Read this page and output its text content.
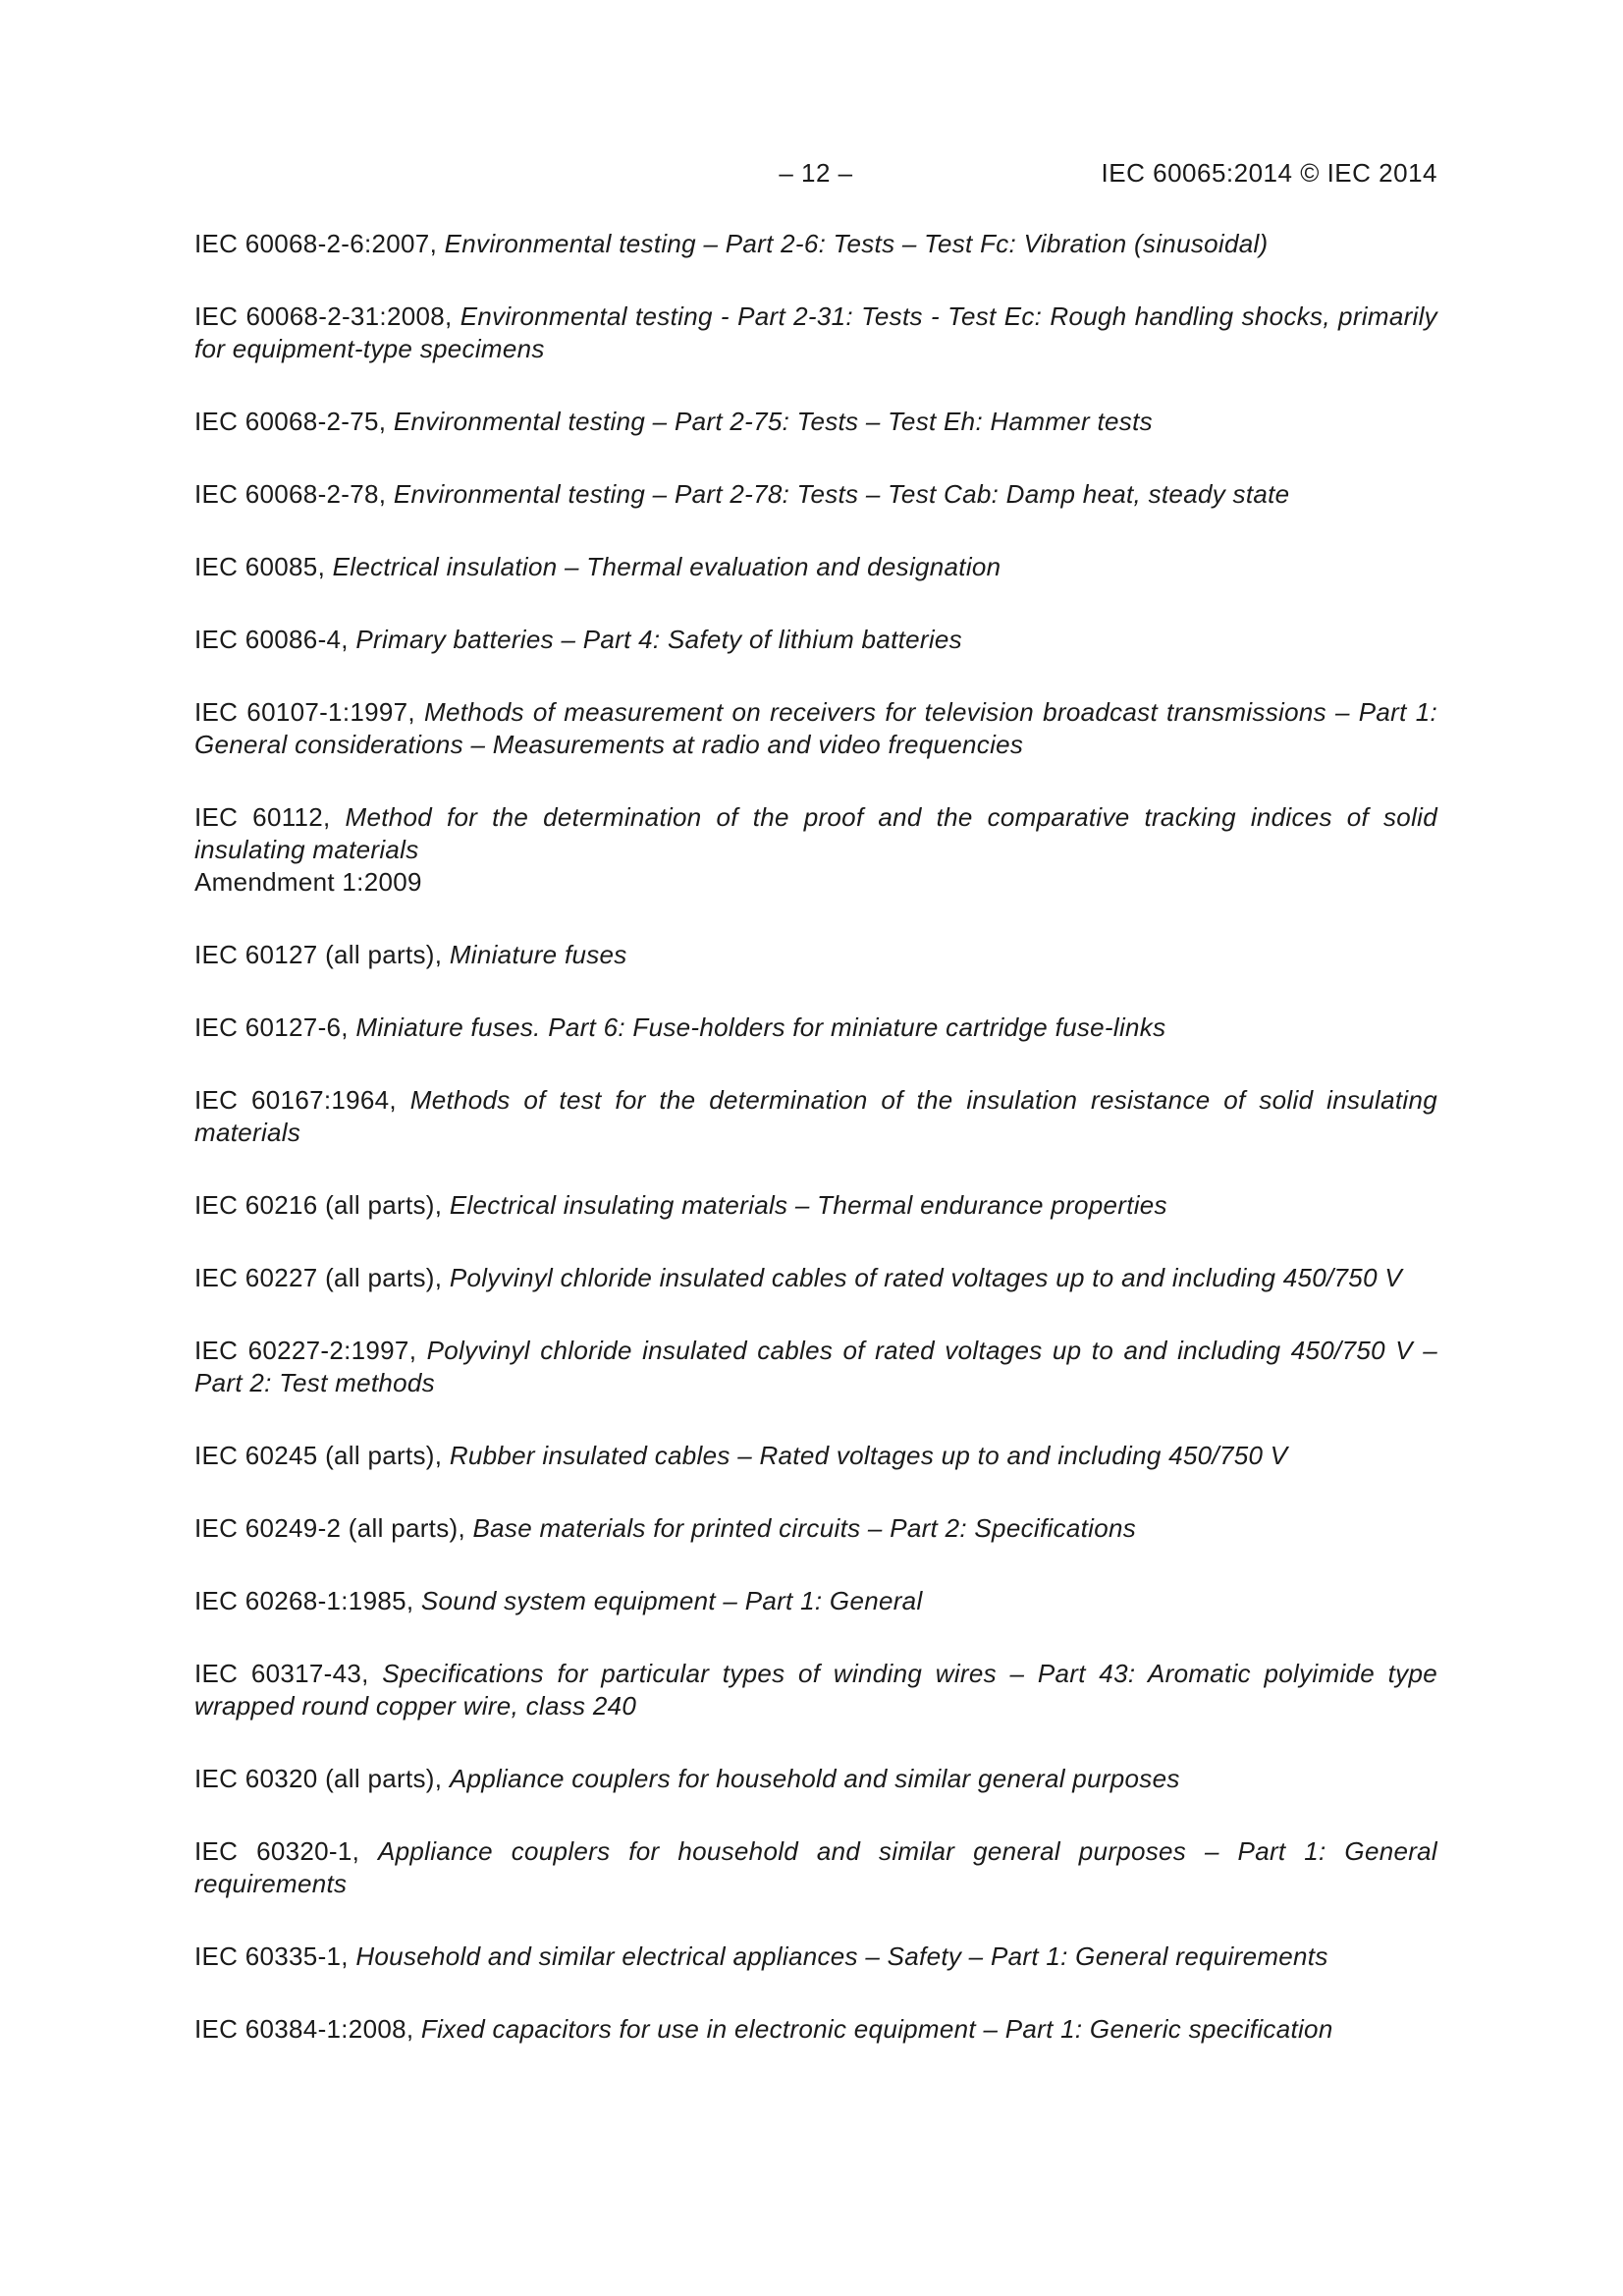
– 12 –	IEC 60065:2014 © IEC 2014

IEC 60068-2-6:2007, Environmental testing – Part 2-6: Tests – Test Fc: Vibration (sinusoidal)

IEC 60068-2-31:2008, Environmental testing - Part 2-31: Tests - Test Ec: Rough handling shocks, primarily for equipment-type specimens

IEC 60068-2-75, Environmental testing – Part 2-75: Tests – Test Eh: Hammer tests

IEC 60068-2-78, Environmental testing – Part 2-78: Tests – Test Cab: Damp heat, steady state

IEC 60085, Electrical insulation – Thermal evaluation and designation

IEC 60086-4, Primary batteries – Part 4: Safety of lithium batteries

IEC 60107-1:1997, Methods of measurement on receivers for television broadcast transmissions – Part 1: General considerations – Measurements at radio and video frequencies

IEC 60112, Method for the determination of the proof and the comparative tracking indices of solid insulating materials
Amendment 1:2009

IEC 60127 (all parts), Miniature fuses

IEC 60127-6, Miniature fuses. Part 6: Fuse-holders for miniature cartridge fuse-links

IEC 60167:1964, Methods of test for the determination of the insulation resistance of solid insulating materials

IEC 60216 (all parts), Electrical insulating materials – Thermal endurance properties

IEC 60227 (all parts), Polyvinyl chloride insulated cables of rated voltages up to and including 450/750 V

IEC 60227-2:1997, Polyvinyl chloride insulated cables of rated voltages up to and including 450/750 V – Part 2: Test methods

IEC 60245 (all parts), Rubber insulated cables – Rated voltages up to and including 450/750 V

IEC 60249-2 (all parts), Base materials for printed circuits – Part 2: Specifications

IEC 60268-1:1985, Sound system equipment – Part 1: General

IEC 60317-43, Specifications for particular types of winding wires – Part 43: Aromatic polyimide type wrapped round copper wire, class 240

IEC 60320 (all parts), Appliance couplers for household and similar general purposes

IEC 60320-1, Appliance couplers for household and similar general purposes – Part 1: General requirements

IEC 60335-1, Household and similar electrical appliances – Safety – Part 1: General requirements

IEC 60384-1:2008, Fixed capacitors for use in electronic equipment – Part 1: Generic specification
